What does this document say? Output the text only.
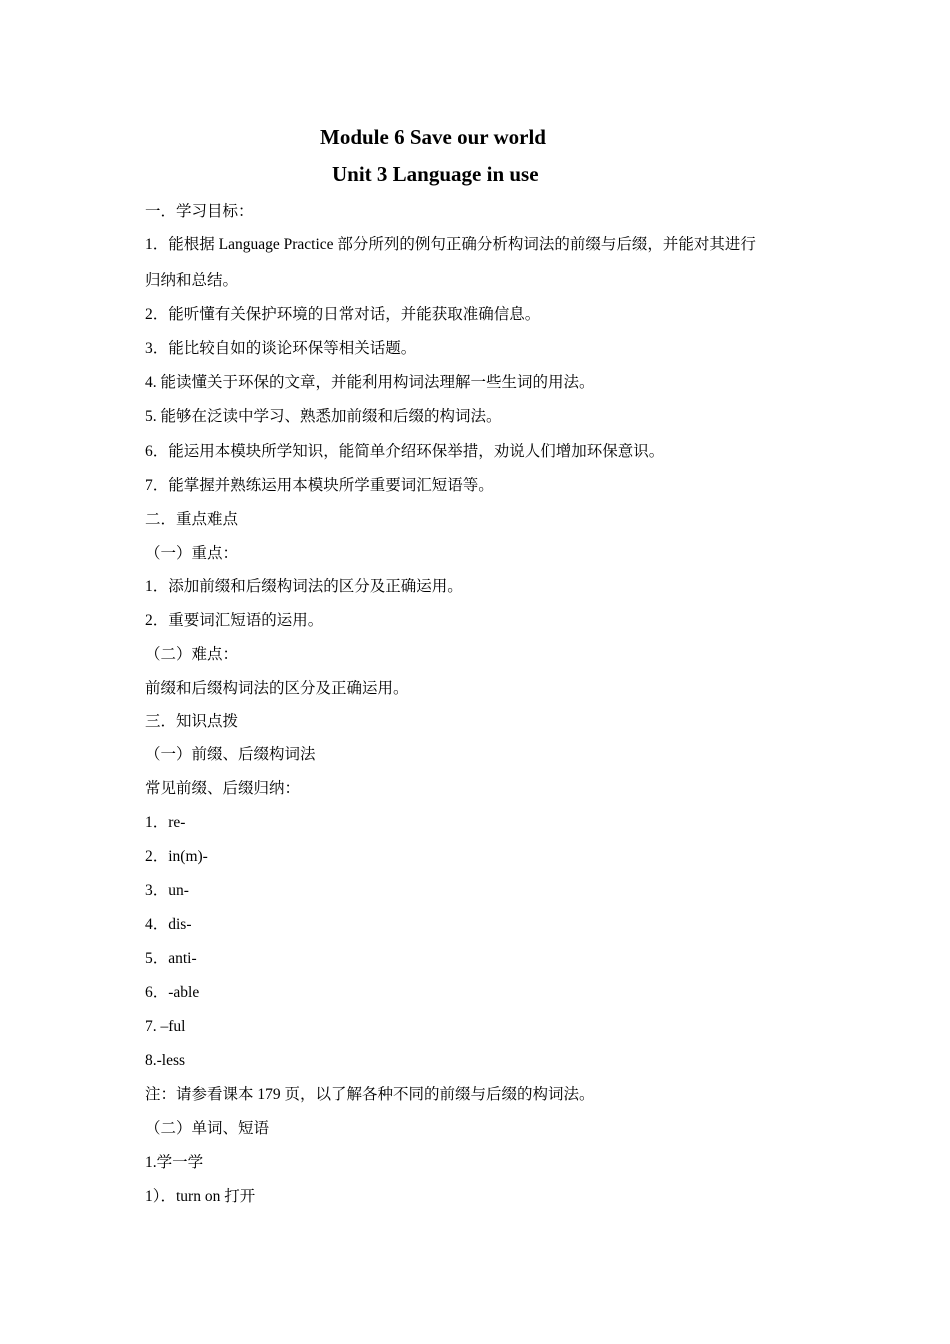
Module 6 Save our world
Unit 3 Language in use
一．学习目标：
1．能根据 Language Practice 部分所列的例句正确分析构词法的前缀与后缀，并能对其进行
归纳和总结。
2．能听懂有关保护环境的日常对话，并能获取准确信息。
3．能比较自如的谈论环保等相关话题。
4. 能读懂关于环保的文章，并能利用构词法理解一些生词的用法。
5. 能够在泛读中学习、熟悉加前缀和后缀的构词法。
6．能运用本模块所学知识，能简单介绍环保举措，劝说人们增加环保意识。
7．能掌握并熟练运用本模块所学重要词汇短语等。
二．重点难点
（一）重点：
1．添加前缀和后缀构词法的区分及正确运用。
2．重要词汇短语的运用。
（二）难点：
前缀和后缀构词法的区分及正确运用。
三．知识点拨
（一）前缀、后缀构词法
常见前缀、后缀归纳：
1．re-
2．in(m)-
3．un-
4．dis-
5．anti-
6．-able
7. –ful
8.-less
注：请参看课本 179 页，以了解各种不同的前缀与后缀的构词法。
（二）单词、短语
1.学一学
1）．turn on 打开
